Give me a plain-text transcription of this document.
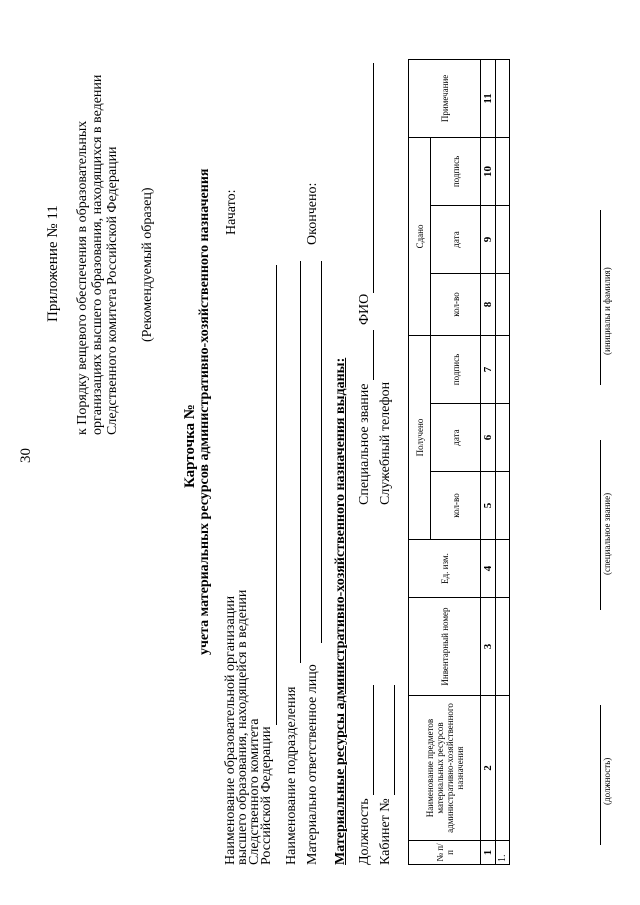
30
Приложение № 11 к Порядку вещевого обеспечения в образовательных организациях высшего образования, находящихся в ведении Следственного комитета Российской Федерации (Рекомендуемый образец)
Карточка № учета материальных ресурсов административно-хозяйственного назначения
Наименование образовательной организации
высшего образования, находящейся в ведении
Следственного комитета
Российской Федерации
Начато:
Наименование подразделения Материально ответственное лицо
Окончено:
Материальные ресурсы административно-хозяйственного назначения выданы: Должность
Специальное звание
ФИО
Кабинет №
Служебный телефон
№ п/п	Наименование предметов материальных ресурсов административно-хозяйственного назначения	Инвентарный номер	Ед. изм.	Получено			Сдано			Примечание
				кол-во	дата	подпись	кол-во	дата	подпись	
1	2	3	4	5	6	7	8	9	10	11
1.										
(должность)
(специальное звание)
(инициалы и фамилия)
